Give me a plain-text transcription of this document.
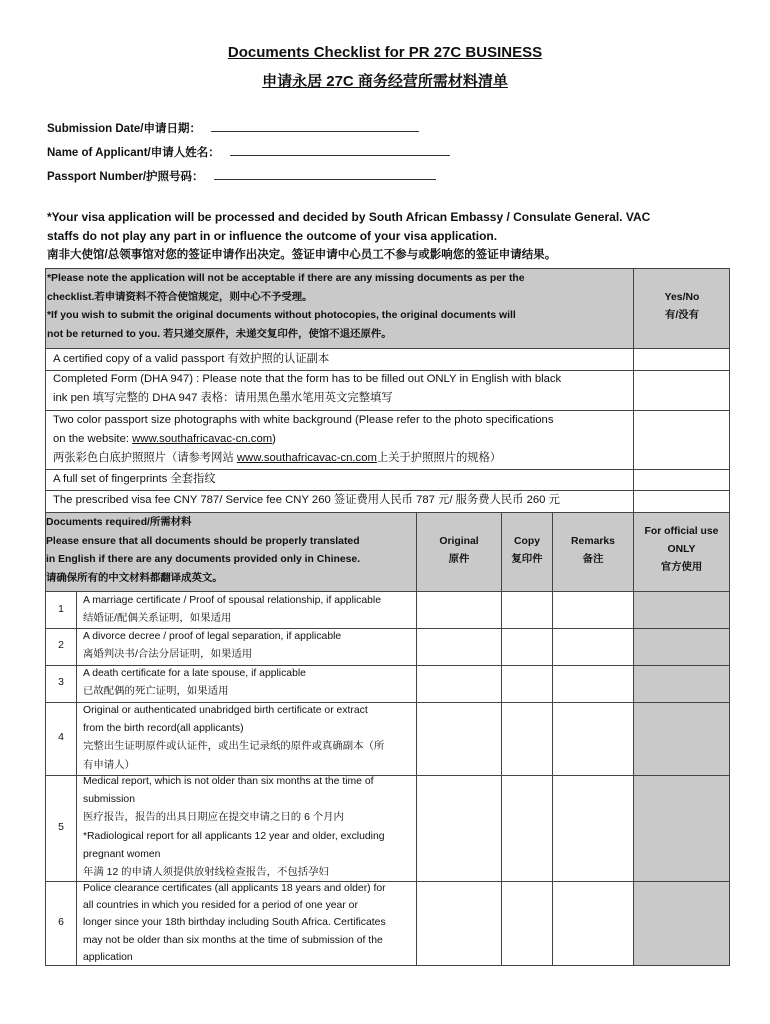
Documents Checklist for PR 27C BUSINESS
申请永居 27C 商务经营所需材料清单
Submission Date/申请日期：
Name of Applicant/申请人姓名：
Passport Number/护照号码：
*Your visa application will be processed and decided by South African Embassy / Consulate General. VAC
staffs do not play any part in or influence the outcome of your visa application.
南非大使馆/总领事馆对您的签证申请作出决定。签证申请中心员工不参与或影响您的签证申请结果。
*Please note the application will not be acceptable if there are any missing documents as per the
checklist.若申请资料不符合使馆规定，则中心不予受理。
*If you wish to submit the original documents without photocopies, the original documents will
not be returned to you. 若只递交原件，未递交复印件，使馆不退还原件。
Yes/No
有/没有
A certified copy of a valid passport 有效护照的认证副本
Completed Form (DHA 947) : Please note that the form has to be filled out ONLY in English with black
ink pen 填写完整的 DHA 947 表格：请用黑色墨水笔用英文完整填写
Two color passport size photographs with white background (Please refer to the photo specifications
on the website: www.southafricavac-cn.com)
两张彩色白底护照照片（请参考网站 www.southafricavac-cn.com上关于护照照片的规格）
A full set of fingerprints 全套指纹
The prescribed visa fee CNY 787/ Service fee CNY 260 签证费用人民币 787 元/ 服务费人民币 260 元
Documents required/所需材料
Please ensure that all documents should be properly translated
in English if there are any documents provided only in Chinese.
请确保所有的中文材料都翻译成英文。
Original
原件
Copy
复印件
Remarks
备注
For official use
ONLY
官方使用
1
A marriage certificate / Proof of spousal relationship, if applicable
结婚证/配偶关系证明，如果适用
2
A divorce decree / proof of legal separation, if applicable
离婚判决书/合法分居证明，如果适用
3
A death certificate for a late spouse, if applicable
已故配偶的死亡证明，如果适用
4
Original or authenticated unabridged birth certificate or extract
from the birth record(all applicants)
完整出生证明原件或认证件，或出生记录纸的原件或真确副本（所
有申请人）
5
Medical report, which is not older than six months at the time of
submission
医疗报告，报告的出具日期应在提交申请之日的 6 个月内
*Radiological report for all applicants 12 year and older, excluding
pregnant women
年满 12 的申请人须提供放射线检查报告，不包括孕妇
6
Police clearance certificates (all applicants 18 years and older) for
all countries in which you resided for a period of one year or
longer since your 18th birthday including South Africa. Certificates
may not be older than six months at the time of submission of the
application
